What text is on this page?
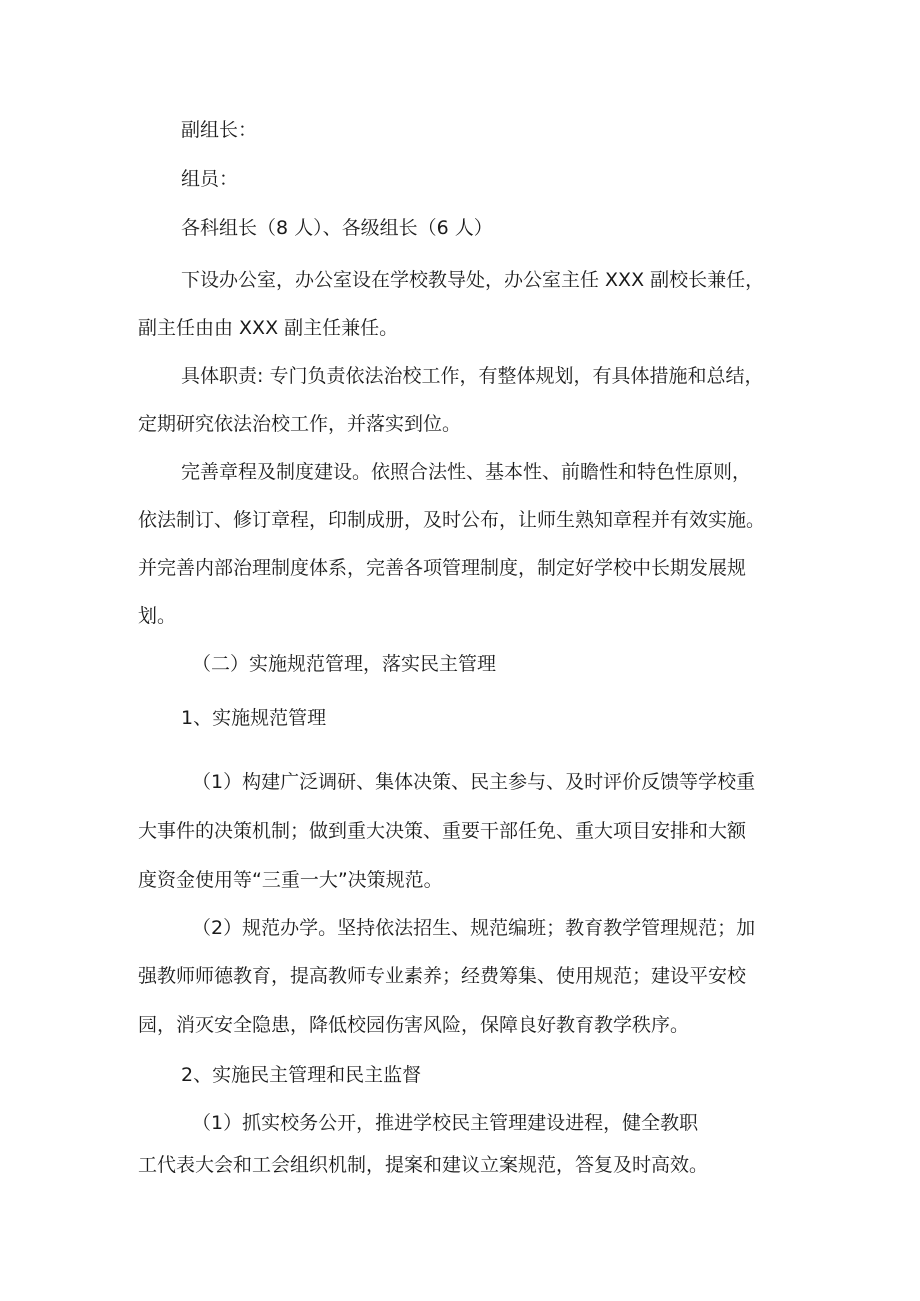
副组长：

组员：

各科组长（8 人）、各级组长（6 人）

下设办公室，办公室设在学校教导处，办公室主任 XXX 副校长兼任，

副主任由由 XXX 副主任兼任。

具体职责: 专门负责依法治校工作，有整体规划，有具体措施和总结，

定期研究依法治校工作，并落实到位。

完善章程及制度建设。依照合法性、基本性、前瞻性和特色性原则，

依法制订、修订章程，印制成册，及时公布，让师生熟知章程并有效实施。

并完善内部治理制度体系，完善各项管理制度，制定好学校中长期发展规

划。

（二）实施规范管理，落实民主管理

1、实施规范管理

（1）构建广泛调研、集体决策、民主参与、及时评价反馈等学校重

大事件的决策机制；做到重大决策、重要干部任免、重大项目安排和大额

度资金使用等“三重一大”决策规范。

（2）规范办学。坚持依法招生、规范编班；教育教学管理规范；加

强教师师德教育，提高教师专业素养；经费筹集、使用规范；建设平安校

园，消灭安全隐患，降低校园伤害风险，保障良好教育教学秩序。

2、实施民主管理和民主监督

（1）抓实校务公开，推进学校民主管理建设进程，健全教职

工代表大会和工会组织机制，提案和建议立案规范，答复及时高效。
